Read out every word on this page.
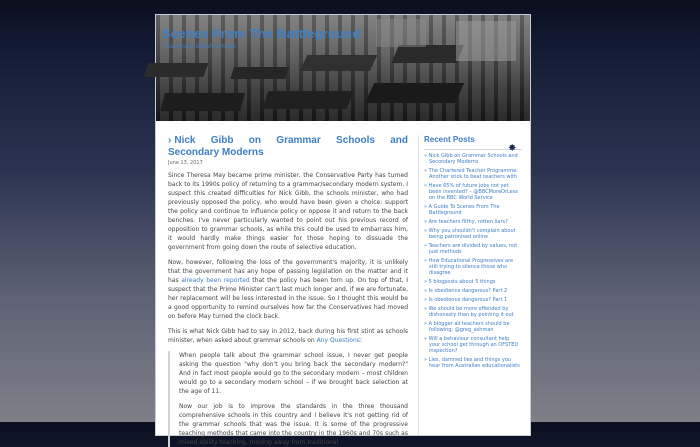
Scenes From The Battleground
Teaching in British Schools
› Nick Gibb on Grammar Schools and
Secondary Moderns
June 13, 2017

Since Theresa May became prime minister, the Conservative Party has turned back to its 1990s policy of returning to a grammar/secondary modern system. I suspect this created difficulties for Nick Gibb, the schools minister, who had previously opposed the policy, who would have been given a choice: support the policy and continue to influence policy or oppose it and return to the back benches. I've never particularly wanted to point out his previous record of opposition to grammar schools, as while this could be used to embarrass him, it would hardly make things easier for those hoping to dissuade the government from going down the route of selective education.

Now, however, following the loss of the government's majority, it is unlikely that the government has any hope of passing legislation on the matter and it has already been reported that the policy has been torn up. On top of that, I suspect that the Prime Minister can't last much longer and, if we are fortunate, her replacement will be less interested in the issue. So I thought this would be a good opportunity to remind ourselves how far the Conservatives had moved on before May turned the clock back.

This is what Nick Gibb had to say in 2012, back during his first stint as schools minister, when asked about grammar schools on Any Questions:

When people talk about the grammar school issue, I never get people asking the question "why don't you bring back the secondary modern?" And in fact most people would go to the secondary modern – most children would go to a secondary modern school – if we brought back selection at the age of 11.

Now our job is to improve the standards in the three thousand comprehensive schools in this country and I believe it's not getting rid of the grammar schools that was the issue. It is some of the progressive teaching methods that came into the country in the 1960s and 70s such as mixed ability teaching, moving away from traditional

Recent Posts
✸
» Nick Gibb on Grammar Schools and Secondary Moderns
» The Chartered Teacher Programme: Another stick to beat teachers with
» Have 65% of future jobs not yet been invented? – @BBCMoreOrLess on the BBC World Service
» A Guide To Scenes From The Battleground
» Are teachers filthy, rotten liars?
» Why you shouldn't complain about being patronised online
» Teachers are divided by values, not just methods
» How Educational Progressives are still trying to silence those who disagree
» 5 blogposts about 5 things
» Is obedience dangerous? Part 2
» Is obedience dangerous? Part 1
» We should be more offended by dishonesty than by pointing it out
» A blogger all teachers should be following: @greg_ashman
» Will a behaviour consultant help your school get through an OFSTED inspection?
» Lies, damned lies and things you hear from Australian educationalists
